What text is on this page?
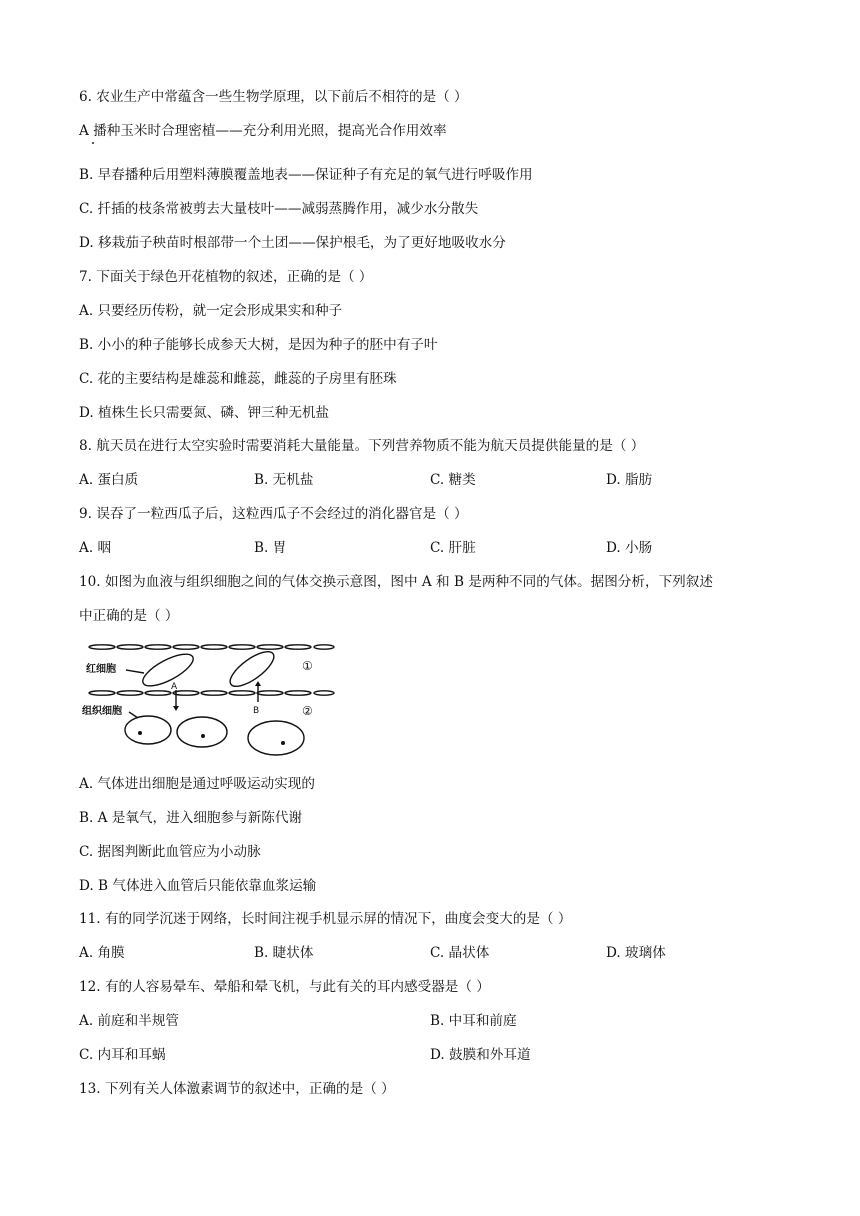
6. 农业生产中常蕴含一些生物学原理，以下前后不相符的是（ ）
A 播种玉米时合理密植——充分利用光照，提高光合作用效率
B. 早春播种后用塑料薄膜覆盖地表——保证种子有充足的氧气进行呼吸作用
C. 扦插的枝条常被剪去大量枝叶——减弱蒸腾作用，减少水分散失
D. 移栽茄子秧苗时根部带一个土团——保护根毛，为了更好地吸收水分
7. 下面关于绿色开花植物的叙述，正确的是（ ）
A. 只要经历传粉，就一定会形成果实和种子
B. 小小的种子能够长成参天大树，是因为种子的胚中有子叶
C. 花的主要结构是雄蕊和雌蕊，雌蕊的子房里有胚珠
D. 植株生长只需要氮、磷、钾三种无机盐
8. 航天员在进行太空实验时需要消耗大量能量。下列营养物质不能为航天员提供能量的是（ ）
A. 蛋白质	B. 无机盐	C. 糖类	D. 脂肪
9. 误吞了一粒西瓜子后，这粒西瓜子不会经过的消化器官是（ ）
A. 咽	B. 胃	C. 肝脏	D. 小肠
10. 如图为血液与组织细胞之间的气体交换示意图，图中 A 和 B 是两种不同的气体。据图分析，下列叙述
中正确的是（ ）
红细胞
组织细胞
A
B
①
②
A. 气体进出细胞是通过呼吸运动实现的
B. A 是氧气，进入细胞参与新陈代谢
C. 据图判断此血管应为小动脉
D. B 气体进入血管后只能依靠血浆运输
11. 有的同学沉迷于网络，长时间注视手机显示屏的情况下，曲度会变大的是（ ）
A. 角膜	B. 睫状体	C. 晶状体	D. 玻璃体
12. 有的人容易晕车、晕船和晕飞机，与此有关的耳内感受器是（ ）
A. 前庭和半规管	B. 中耳和前庭
C. 内耳和耳蜗	D. 鼓膜和外耳道
13. 下列有关人体激素调节的叙述中，正确的是（ ）
